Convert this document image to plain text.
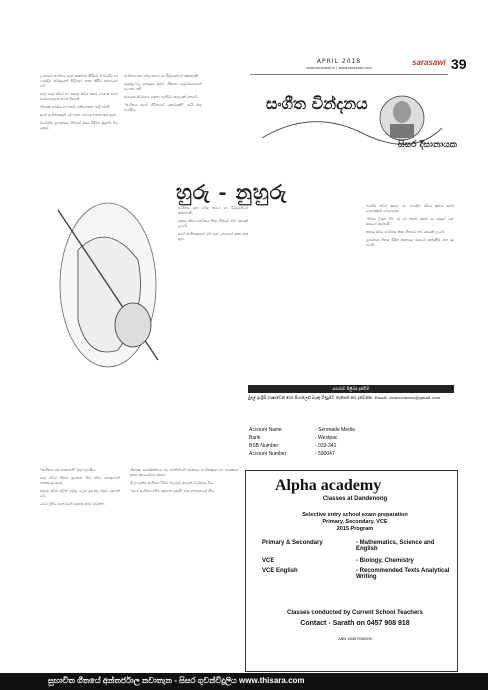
sarasawi 39
APRIL 2018
www.sarasawi.lk | www.sarasawi.com
සංගීත වින්දනය
සිසර දිසානායක
හුරු - නුහුරු

ලංකාවේ සංගීතය ගැන සාකච්ඡා කිරීමේ දී බටහිර හා පෙරදිග සම්ප්‍රදායන් පිළිබඳව කතා කිරීම අත්‍යවශ්‍ය වේ.

හුරු පුරුදු ස්වර හා නුහුරු ස්වර අතර වෙනස අපට වැටහෙනුයේ සවන් දීමෙනි.

ගීතයක අර්ථය හා තනුව එකිනෙකට බැඳී පවතී.

අපේ සංගීතඥයන් මේ ගැන බොහෝ කතා කර ඇත.

එමෙන්ම ශ්‍රාවකයාද ගීතයේ රසය විඳීමට සූදානම් විය යුතුය.

සංගීතය යනු ශබ්ද තරංග හා රිද්මයන්ගේ එකතුවකි.

ගුරුකුලවල සම්ප්‍රදාය අනුව ශිෂ්‍යයා ගුරුවරයාගෙන් ඉගෙන ගනී.

රාගයක ස්වරූපය හඳුනා ගැනීමට කාලයක් ගතවේ.

"සංගීතය අපේ ජීවිතයේ කොටසකි" යැයි ඔහු පැවසීය.

සංගීතය යනු ශබ්ද තරංග හා රිද්මයන්ගේ එකතුවකි.

නුහුරු ස්වර භාවිතය නිසා ගීතයට නව රසයක් ලැබේ.

අපේ සංගීතඥයන් මේ ගැන බොහෝ කතා කර ඇත.

බටහිර ස්වර ක්‍රමය හා පෙරදිග ස්වර ක්‍රමය අතර වෙනස්කම් බොහෝය.

"ගීතය ලියන විට පද හා තනුව එකට යා යුතුය" යනු ඔහුගේ අදහසයි.

නුහුරු ස්වර භාවිතය නිසා ගීතයට නව රසයක් ලැබේ.

ශ්‍රාවකයා ගීතය විඳින ආකාරය ඔහුගේ අත්දැකීම් මත රඳා පවතී.

"සංගීතය යනු භාෂාවකි" ඔහු පැවසීය.

හුරු ස්වර නිතර ඇසෙන විට ඒවා පහසුවෙන් මතකයේ රැඳේ.

නුහුරු ස්වර මුලින් අමුතු ලෙස දැනුණද පසුව රසවත් වේ.

මෙම ලිපිය ගැන ඔබේ අදහස් අපට එවන්න.

ගීතයක සාර්ථකත්වය රඳා පවතින්නේ රචකයා, සංගීතඥයා හා ගායකයා අතර සහයෝගය මතය.

ශ්‍රී ලාංකේය සංගීතය විවිධ බලපෑම් යටතේ වර්ධනය විය.

"අපේ සංගීතය අපිම රැකගත යුතුයි" ඔහු අවසානයේ කීය.

සඟරාව පිළිබඳ දැන්වීම
මුදල් ඉංග්‍රීසි භාෂාවෙන් හෝ සිංහලෙන් බැංකු ගිණුමට තැන්පත් කර දන්වන්න. Email: connectnews@gmail.com
Account Name	- Serenade Media
Bank	- Westpac
BSB Number	- 033-341
Account Number	- 590047
Alpha academy
Classes at Dandenong
Selective entry school exam preparation
Primary, Secondary, VCE
2015 Program
Primary & Secondary	- Mathematics, Science and English
VCE	- Biology, Chemistry
VCE English	- Recommended Texts Analytical Writing
Classes conducted by Current School Teachers
Contact - Sarath on 0457 908 918
ABN 35367555909
සුභාවිත ගීතයේ අන්තර්ජාල නවාතැන - සිසර ගුවන්විදුලිය www.thisara.com
